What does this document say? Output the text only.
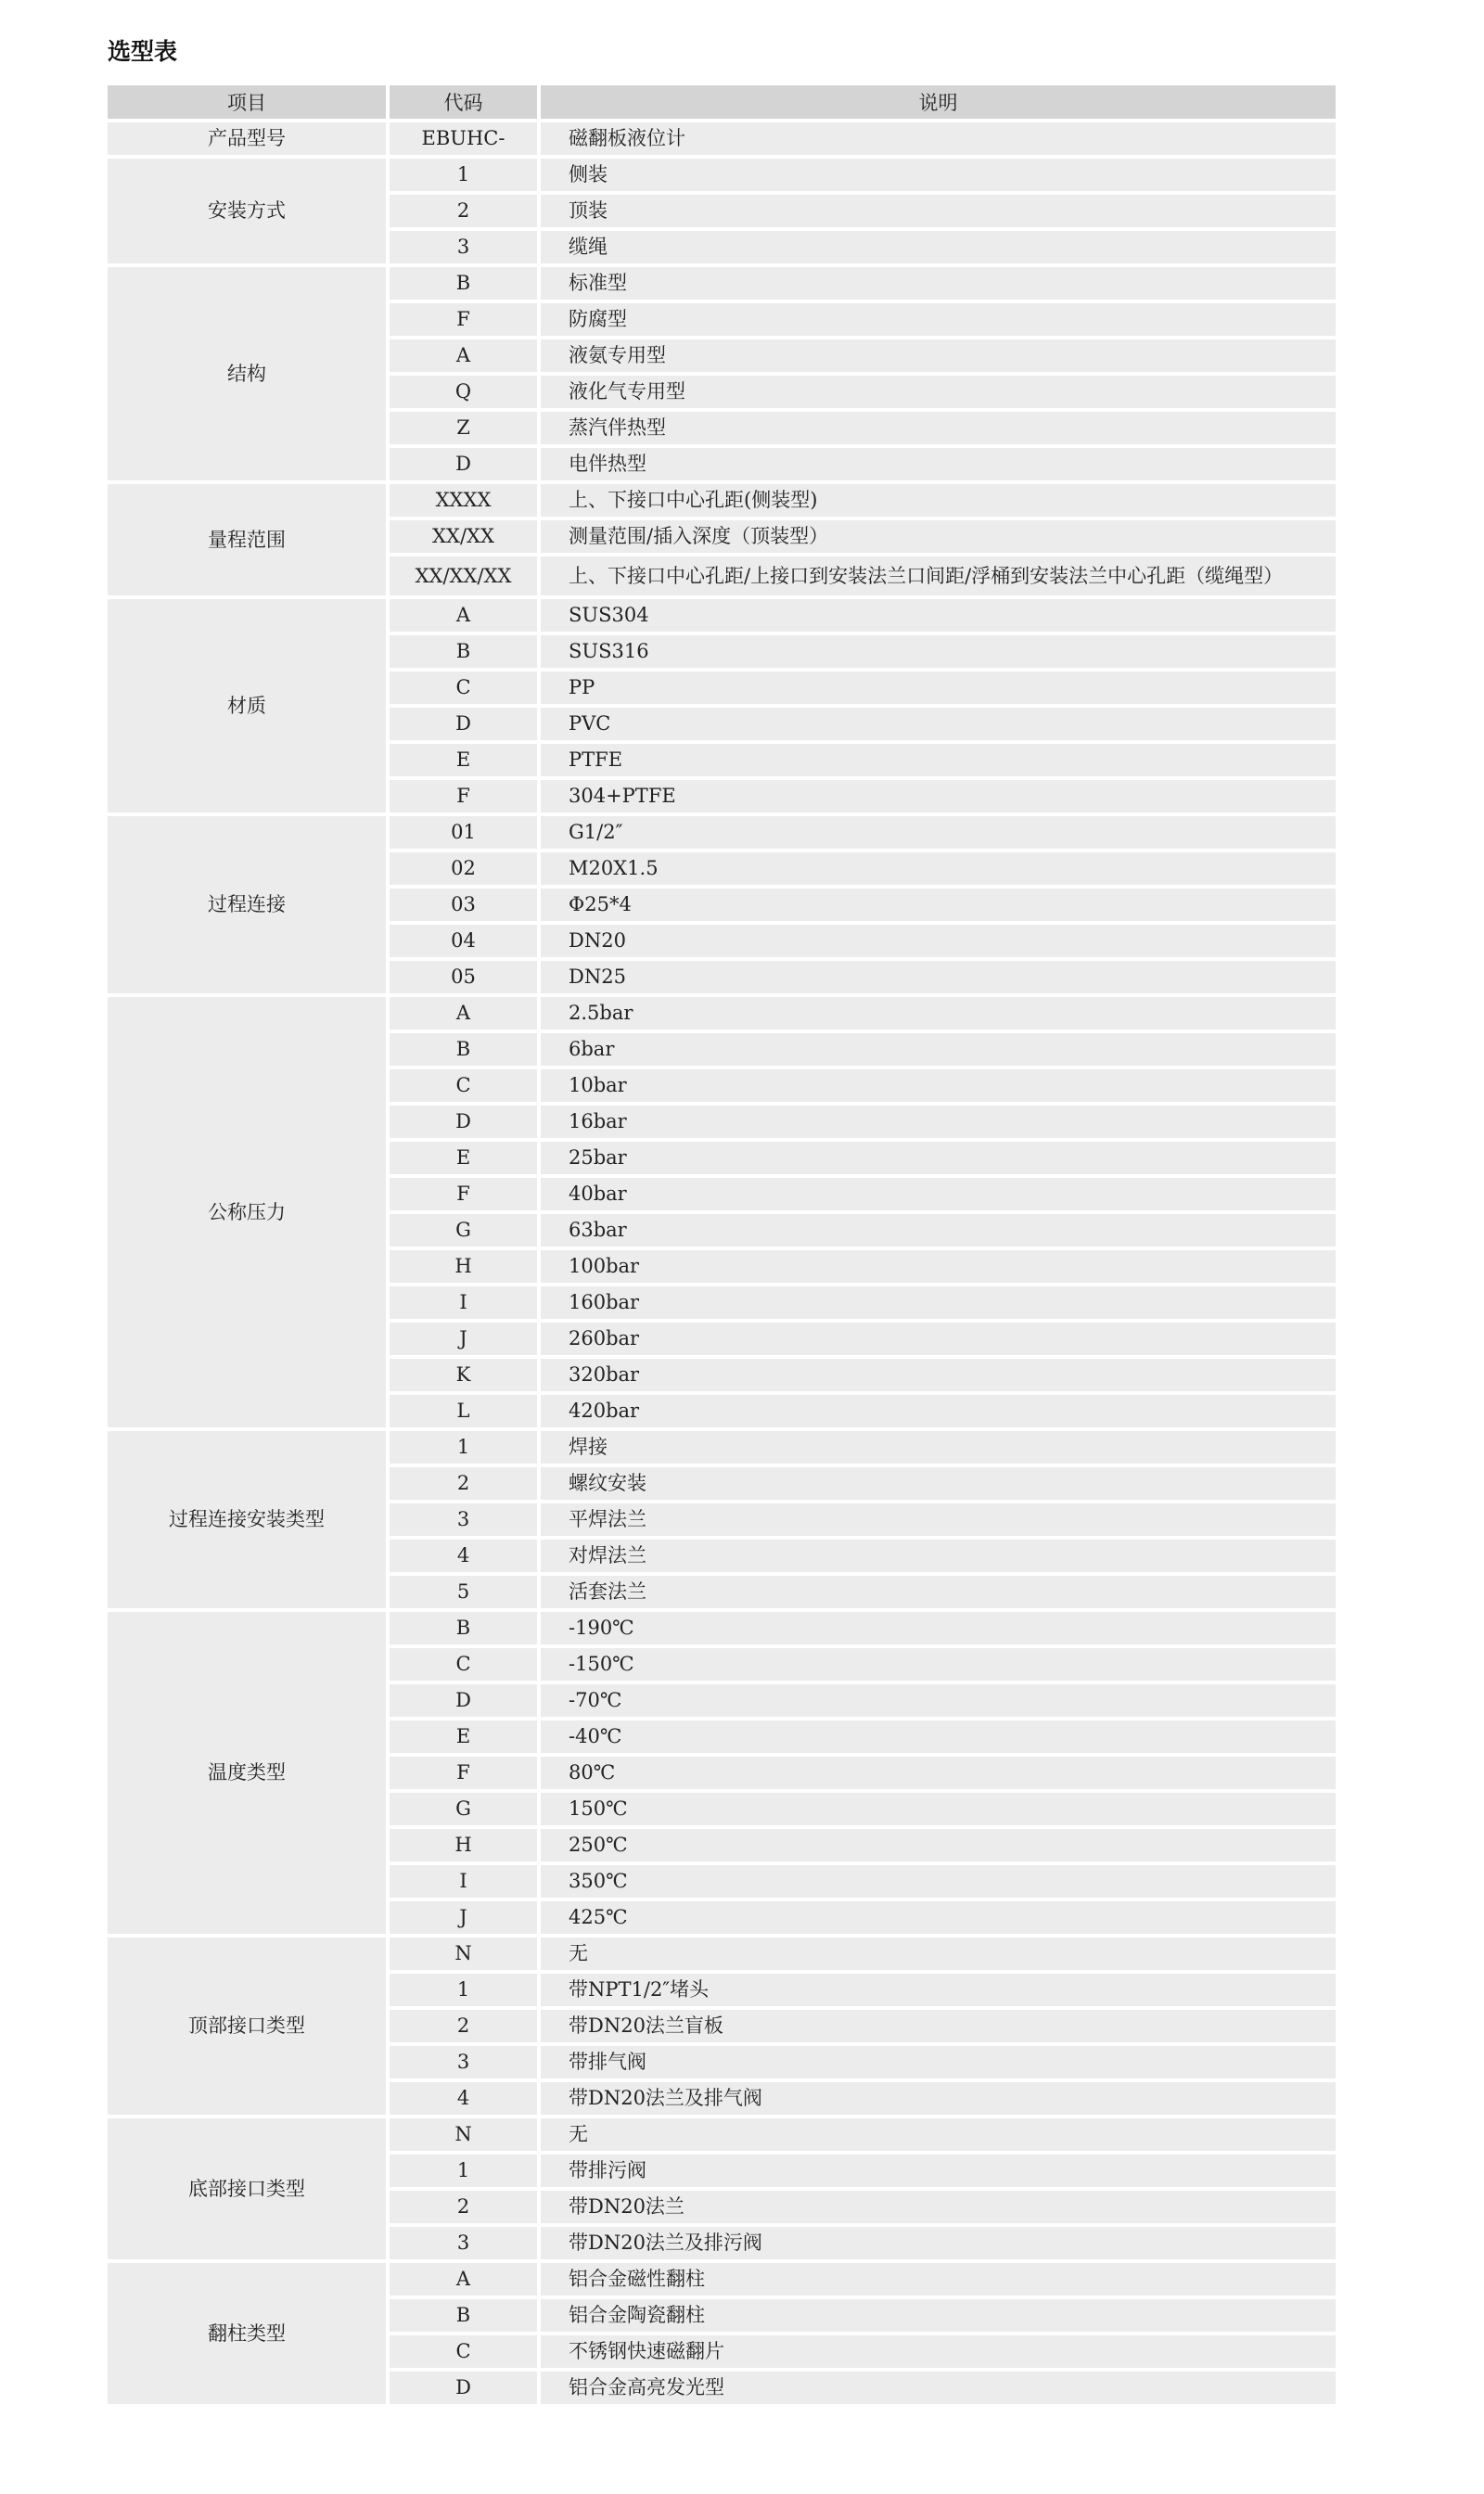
选型表
项目	代码	说明
产品型号	EBUHC-	磁翻板液位计
安装方式	1	侧装
	2	顶装
	3	缆绳
结构	B	标准型
	F	防腐型
	A	液氨专用型
	Q	液化气专用型
	Z	蒸汽伴热型
	D	电伴热型
量程范围	XXXX	上、下接口中心孔距(侧装型)
	XX/XX	测量范围/插入深度（顶装型）
	XX/XX/XX	上、下接口中心孔距/上接口到安装法兰口间距/浮桶到安装法兰中心孔距（缆绳型）
材质	A	SUS304
	B	SUS316
	C	PP
	D	PVC
	E	PTFE
	F	304+PTFE
过程连接	01	G1/2″
	02	M20X1.5
	03	Φ25*4
	04	DN20
	05	DN25
公称压力	A	2.5bar
	B	6bar
	C	10bar
	D	16bar
	E	25bar
	F	40bar
	G	63bar
	H	100bar
	I	160bar
	J	260bar
	K	320bar
	L	420bar
过程连接安装类型	1	焊接
	2	螺纹安装
	3	平焊法兰
	4	对焊法兰
	5	活套法兰
温度类型	B	-190℃
	C	-150℃
	D	-70℃
	E	-40℃
	F	80℃
	G	150℃
	H	250℃
	I	350℃
	J	425℃
顶部接口类型	N	无
	1	带NPT1/2″堵头
	2	带DN20法兰盲板
	3	带排气阀
	4	带DN20法兰及排气阀
底部接口类型	N	无
	1	带排污阀
	2	带DN20法兰
	3	带DN20法兰及排污阀
翻柱类型	A	铝合金磁性翻柱
	B	铝合金陶瓷翻柱
	C	不锈钢快速磁翻片
	D	铝合金高亮发光型
